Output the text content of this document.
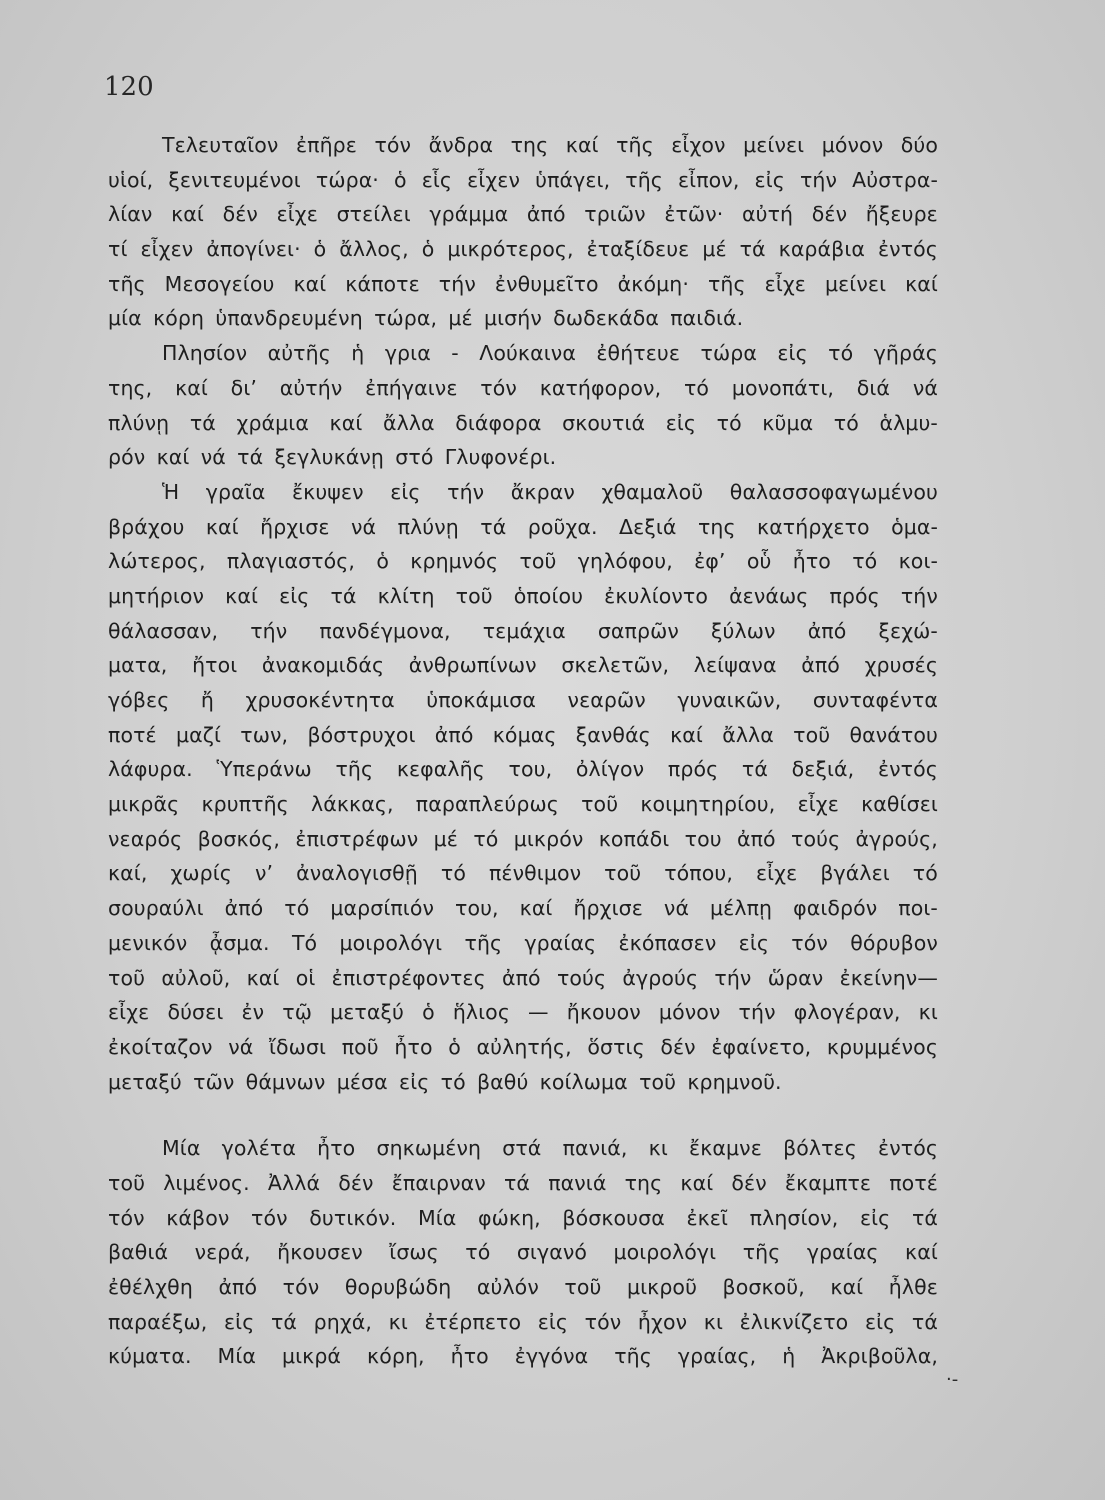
120
Τελευταῖον ἐπῆρε τόν ἄνδρα της καί τῆς εἶχον μείνει μόνον δύο
υἱοί, ξενιτευμένοι τώρα· ὁ εἷς εἶχεν ὑπάγει, τῆς εἶπον, εἰς τήν Αὐστρα-
λίαν καί δέν εἶχε στείλει γράμμα ἀπό τριῶν ἐτῶν· αὐτή δέν ἤξευρε
τί εἶχεν ἀπογίνει· ὁ ἄλλος, ὁ μικρότερος, ἐταξίδευε μέ τά καράβια ἐντός
τῆς Μεσογείου καί κάποτε τήν ἐνθυμεῖτο ἀκόμη· τῆς εἶχε μείνει καί
μία κόρη ὑπανδρευμένη τώρα, μέ μισήν δωδεκάδα παιδιά.
Πλησίον αὐτῆς ἡ γρια - Λούκαινα ἐθήτευε τώρα εἰς τό γῆράς
της, καί δι’ αὐτήν ἐπήγαινε τόν κατήφορον, τό μονοπάτι, διά νά
πλύνῃ τά χράμια καί ἄλλα διάφορα σκουτιά εἰς τό κῦμα τό ἁλμυ-
ρόν καί νά τά ξεγλυκάνῃ στό Γλυφονέρι.
Ἡ γραῖα ἔκυψεν εἰς τήν ἄκραν χθαμαλοῦ θαλασσοφαγωμένου
βράχου καί ἤρχισε νά πλύνῃ τά ροῦχα. Δεξιά της κατήρχετο ὁμα-
λώτερος, πλαγιαστός, ὁ κρημνός τοῦ γηλόφου, ἐφ’ οὗ ἦτο τό κοι-
μητήριον καί εἰς τά κλίτη τοῦ ὁποίου ἐκυλίοντο ἀενάως πρός τήν
θάλασσαν, τήν πανδέγμονα, τεμάχια σαπρῶν ξύλων ἀπό ξεχώ-
ματα, ἤτοι ἀνακομιδάς ἀνθρωπίνων σκελετῶν, λείψανα ἀπό χρυσές
γόβες ἤ χρυσοκέντητα ὑποκάμισα νεαρῶν γυναικῶν, συνταφέντα
ποτέ μαζί των, βόστρυχοι ἀπό κόμας ξανθάς καί ἄλλα τοῦ θανάτου
λάφυρα. Ὑπεράνω τῆς κεφαλῆς του, ὀλίγον πρός τά δεξιά, ἐντός
μικρᾶς κρυπτῆς λάκκας, παραπλεύρως τοῦ κοιμητηρίου, εἶχε καθίσει
νεαρός βοσκός, ἐπιστρέφων μέ τό μικρόν κοπάδι του ἀπό τούς ἀγρούς,
καί, χωρίς ν’ ἀναλογισθῇ τό πένθιμον τοῦ τόπου, εἶχε βγάλει τό
σουραύλι ἀπό τό μαρσίπιόν του, καί ἤρχισε νά μέλπῃ φαιδρόν ποι-
μενικόν ᾆσμα. Τό μοιρολόγι τῆς γραίας ἐκόπασεν εἰς τόν θόρυβον
τοῦ αὐλοῦ, καί οἱ ἐπιστρέφοντες ἀπό τούς ἀγρούς τήν ὥραν ἐκείνην—
εἶχε δύσει ἐν τῷ μεταξύ ὁ ἥλιος — ἤκουον μόνον τήν φλογέραν, κι
ἐκοίταζον νά ἴδωσι ποῦ ἦτο ὁ αὐλητής, ὅστις δέν ἐφαίνετο, κρυμμένος
μεταξύ τῶν θάμνων μέσα εἰς τό βαθύ κοίλωμα τοῦ κρημνοῦ.
Μία γολέτα ἦτο σηκωμένη στά πανιά, κι ἔκαμνε βόλτες ἐντός
τοῦ λιμένος. Ἀλλά δέν ἔπαιρναν τά πανιά της καί δέν ἔκαμπτε ποτέ
τόν κάβον τόν δυτικόν. Μία φώκη, βόσκουσα ἐκεῖ πλησίον, εἰς τά
βαθιά νερά, ἤκουσεν ἴσως τό σιγανό μοιρολόγι τῆς γραίας καί
ἐθέλχθη ἀπό τόν θορυβώδη αὐλόν τοῦ μικροῦ βοσκοῦ, καί ἦλθε
παραέξω, εἰς τά ρηχά, κι ἐτέρπετο εἰς τόν ἦχον κι ἐλικνίζετο εἰς τά
κύματα. Μία μικρά κόρη, ἦτο ἐγγόνα τῆς γραίας, ἡ Ἀκριβοῦλα,
·-
